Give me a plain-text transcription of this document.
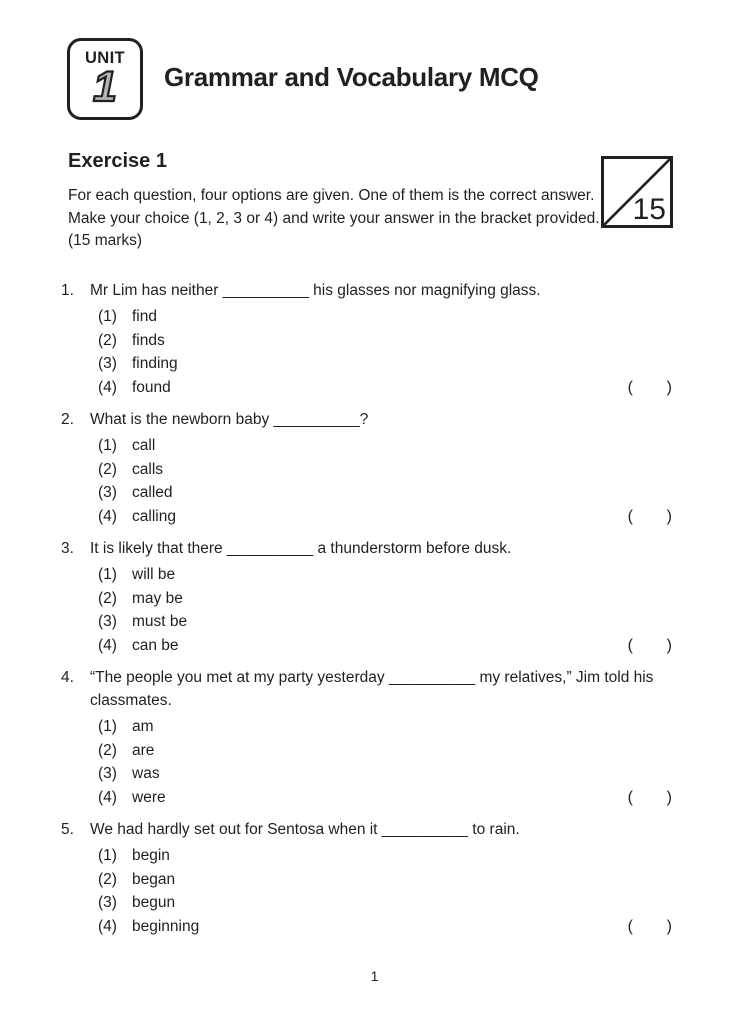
UNIT
1	Grammar and Vocabulary MCQ
Exercise 1
For each question, four options are given. One of them is the correct answer.
Make your choice (1, 2, 3 or 4) and write your answer in the bracket provided.
(15 marks)
15
1.	Mr Lim has neither __________ his glasses nor magnifying glass.
(1) find
(2) finds
(3) finding
(4) found	(      )
2.	What is the newborn baby __________?
(1) call
(2) calls
(3) called
(4) calling	(      )
3.	It is likely that there __________ a thunderstorm before dusk.
(1) will be
(2) may be
(3) must be
(4) can be	(      )
4.	“The people you met at my party yesterday __________ my relatives,” Jim told his classmates.
(1) am
(2) are
(3) was
(4) were	(      )
5.	We had hardly set out for Sentosa when it __________ to rain.
(1) begin
(2) began
(3) begun
(4) beginning	(      )
1
